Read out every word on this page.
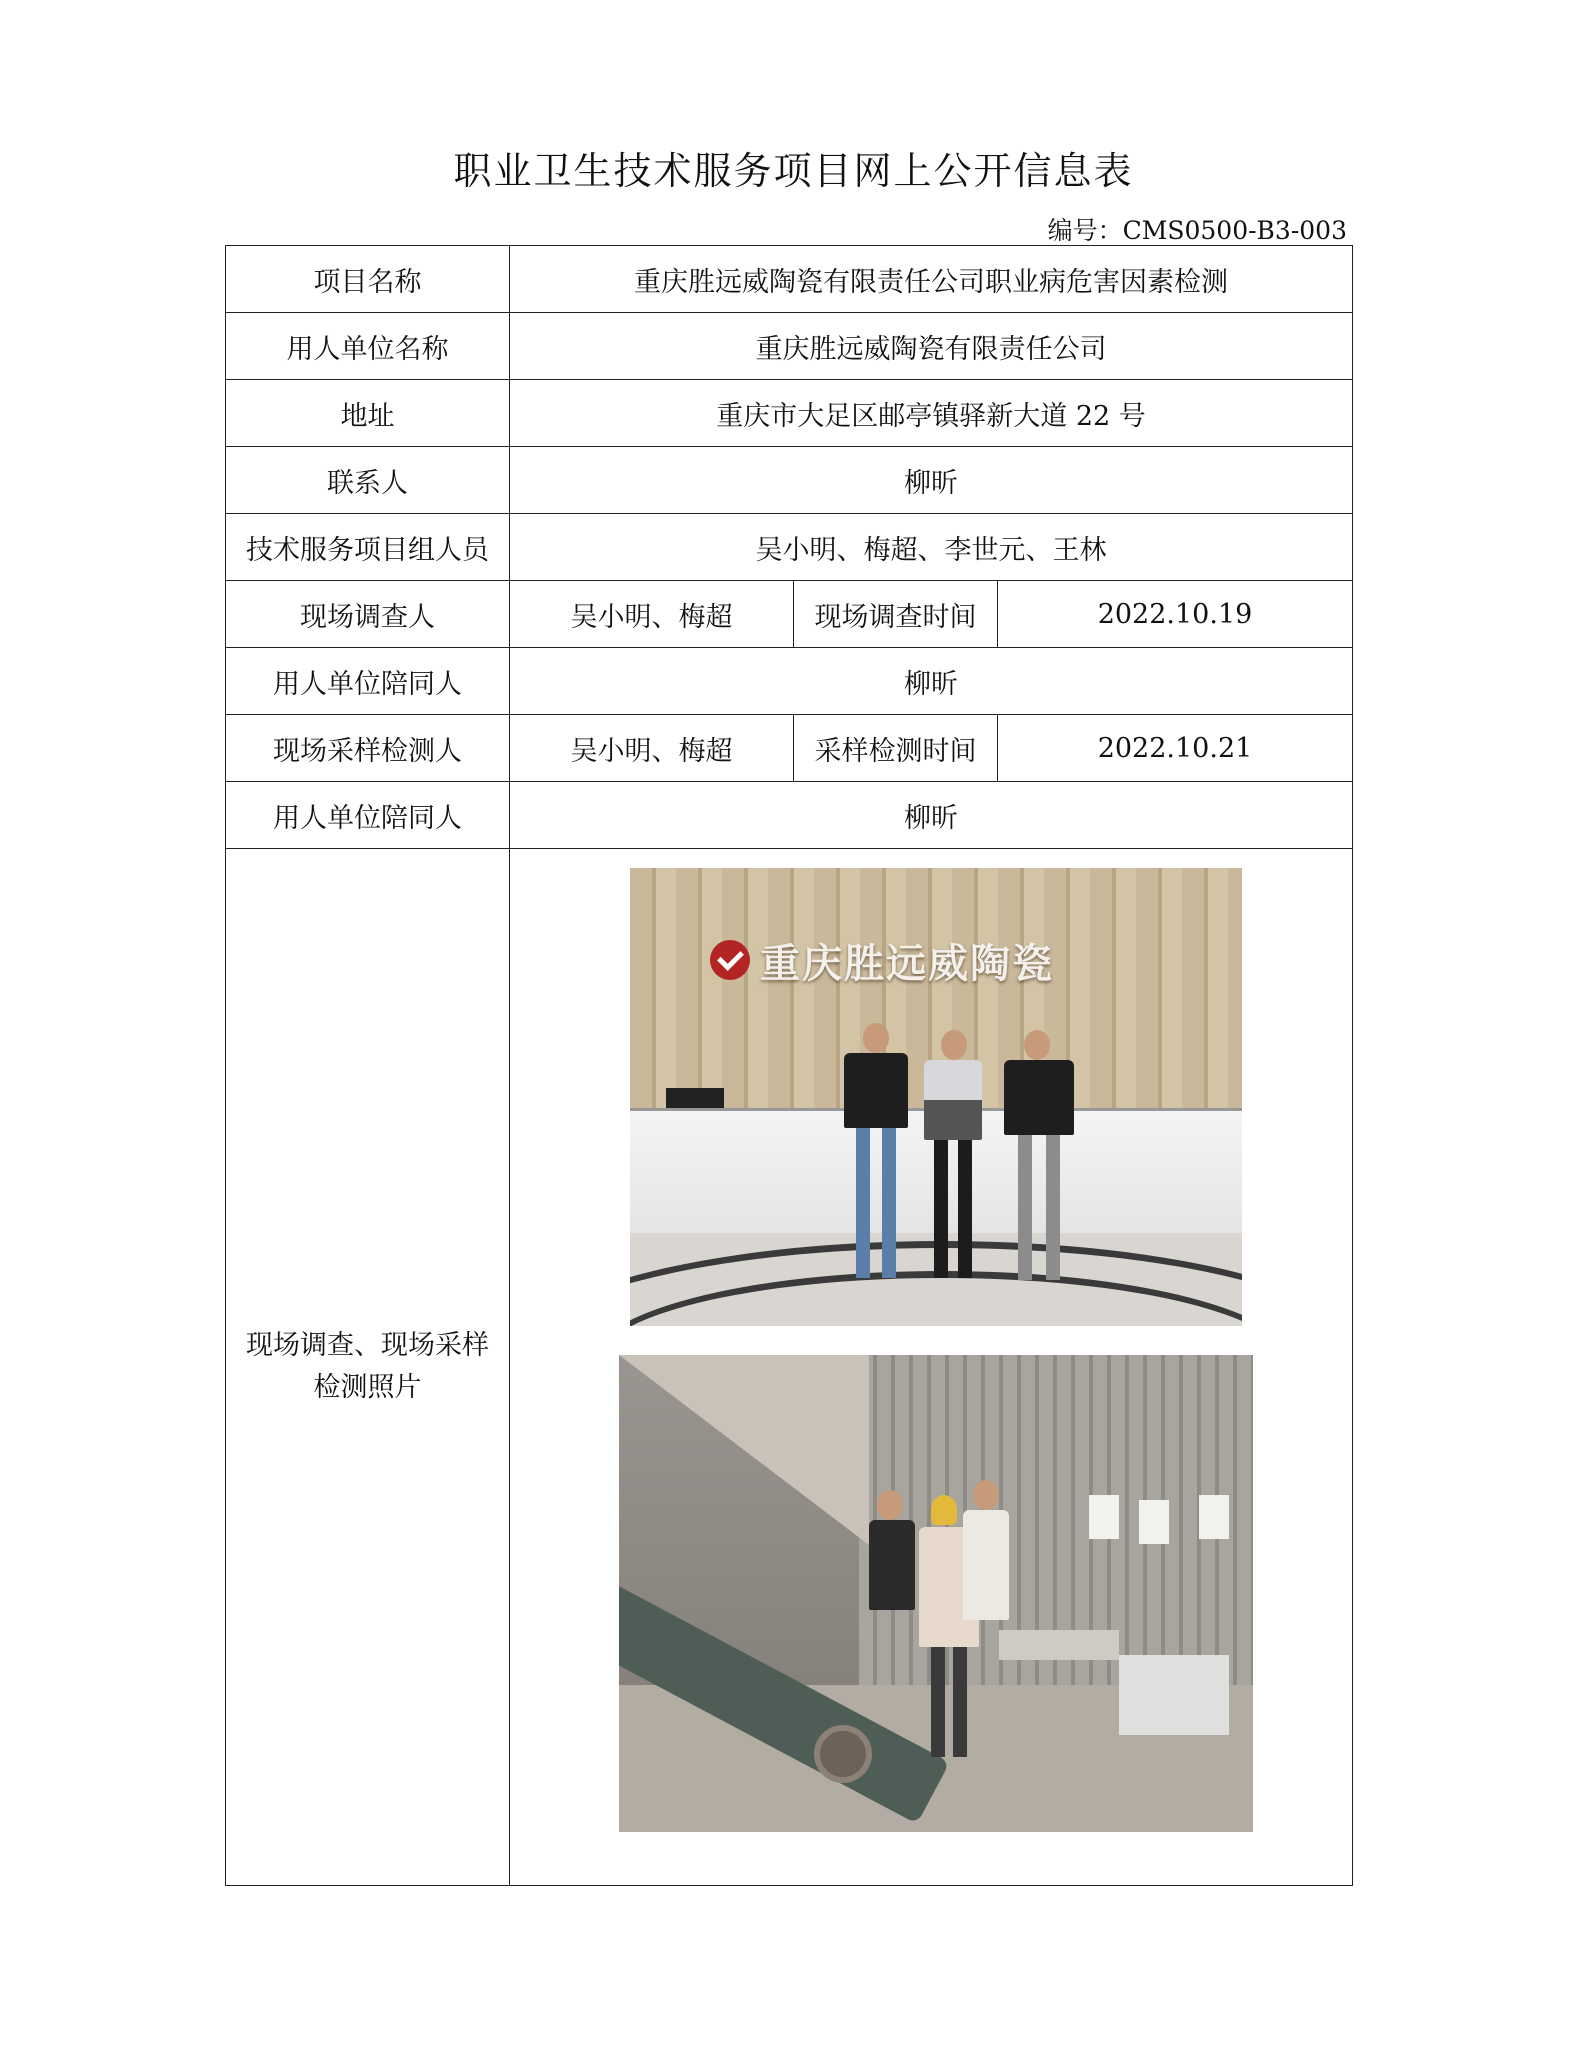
职业卫生技术服务项目网上公开信息表
编号：CMS0500-B3-003
项目名称	重庆胜远威陶瓷有限责任公司职业病危害因素检测		
用人单位名称	重庆胜远威陶瓷有限责任公司		
地址	重庆市大足区邮亭镇驿新大道 22 号		
联系人	柳昕		
技术服务项目组人员	吴小明、梅超、李世元、王林		
现场调查人	吴小明、梅超	现场调查时间	2022.10.19
用人单位陪同人	柳昕		
现场采样检测人	吴小明、梅超	采样检测时间	2022.10.21
用人单位陪同人	柳昕		
现场调查、现场采样
检测照片	重庆胜远威陶瓷		
